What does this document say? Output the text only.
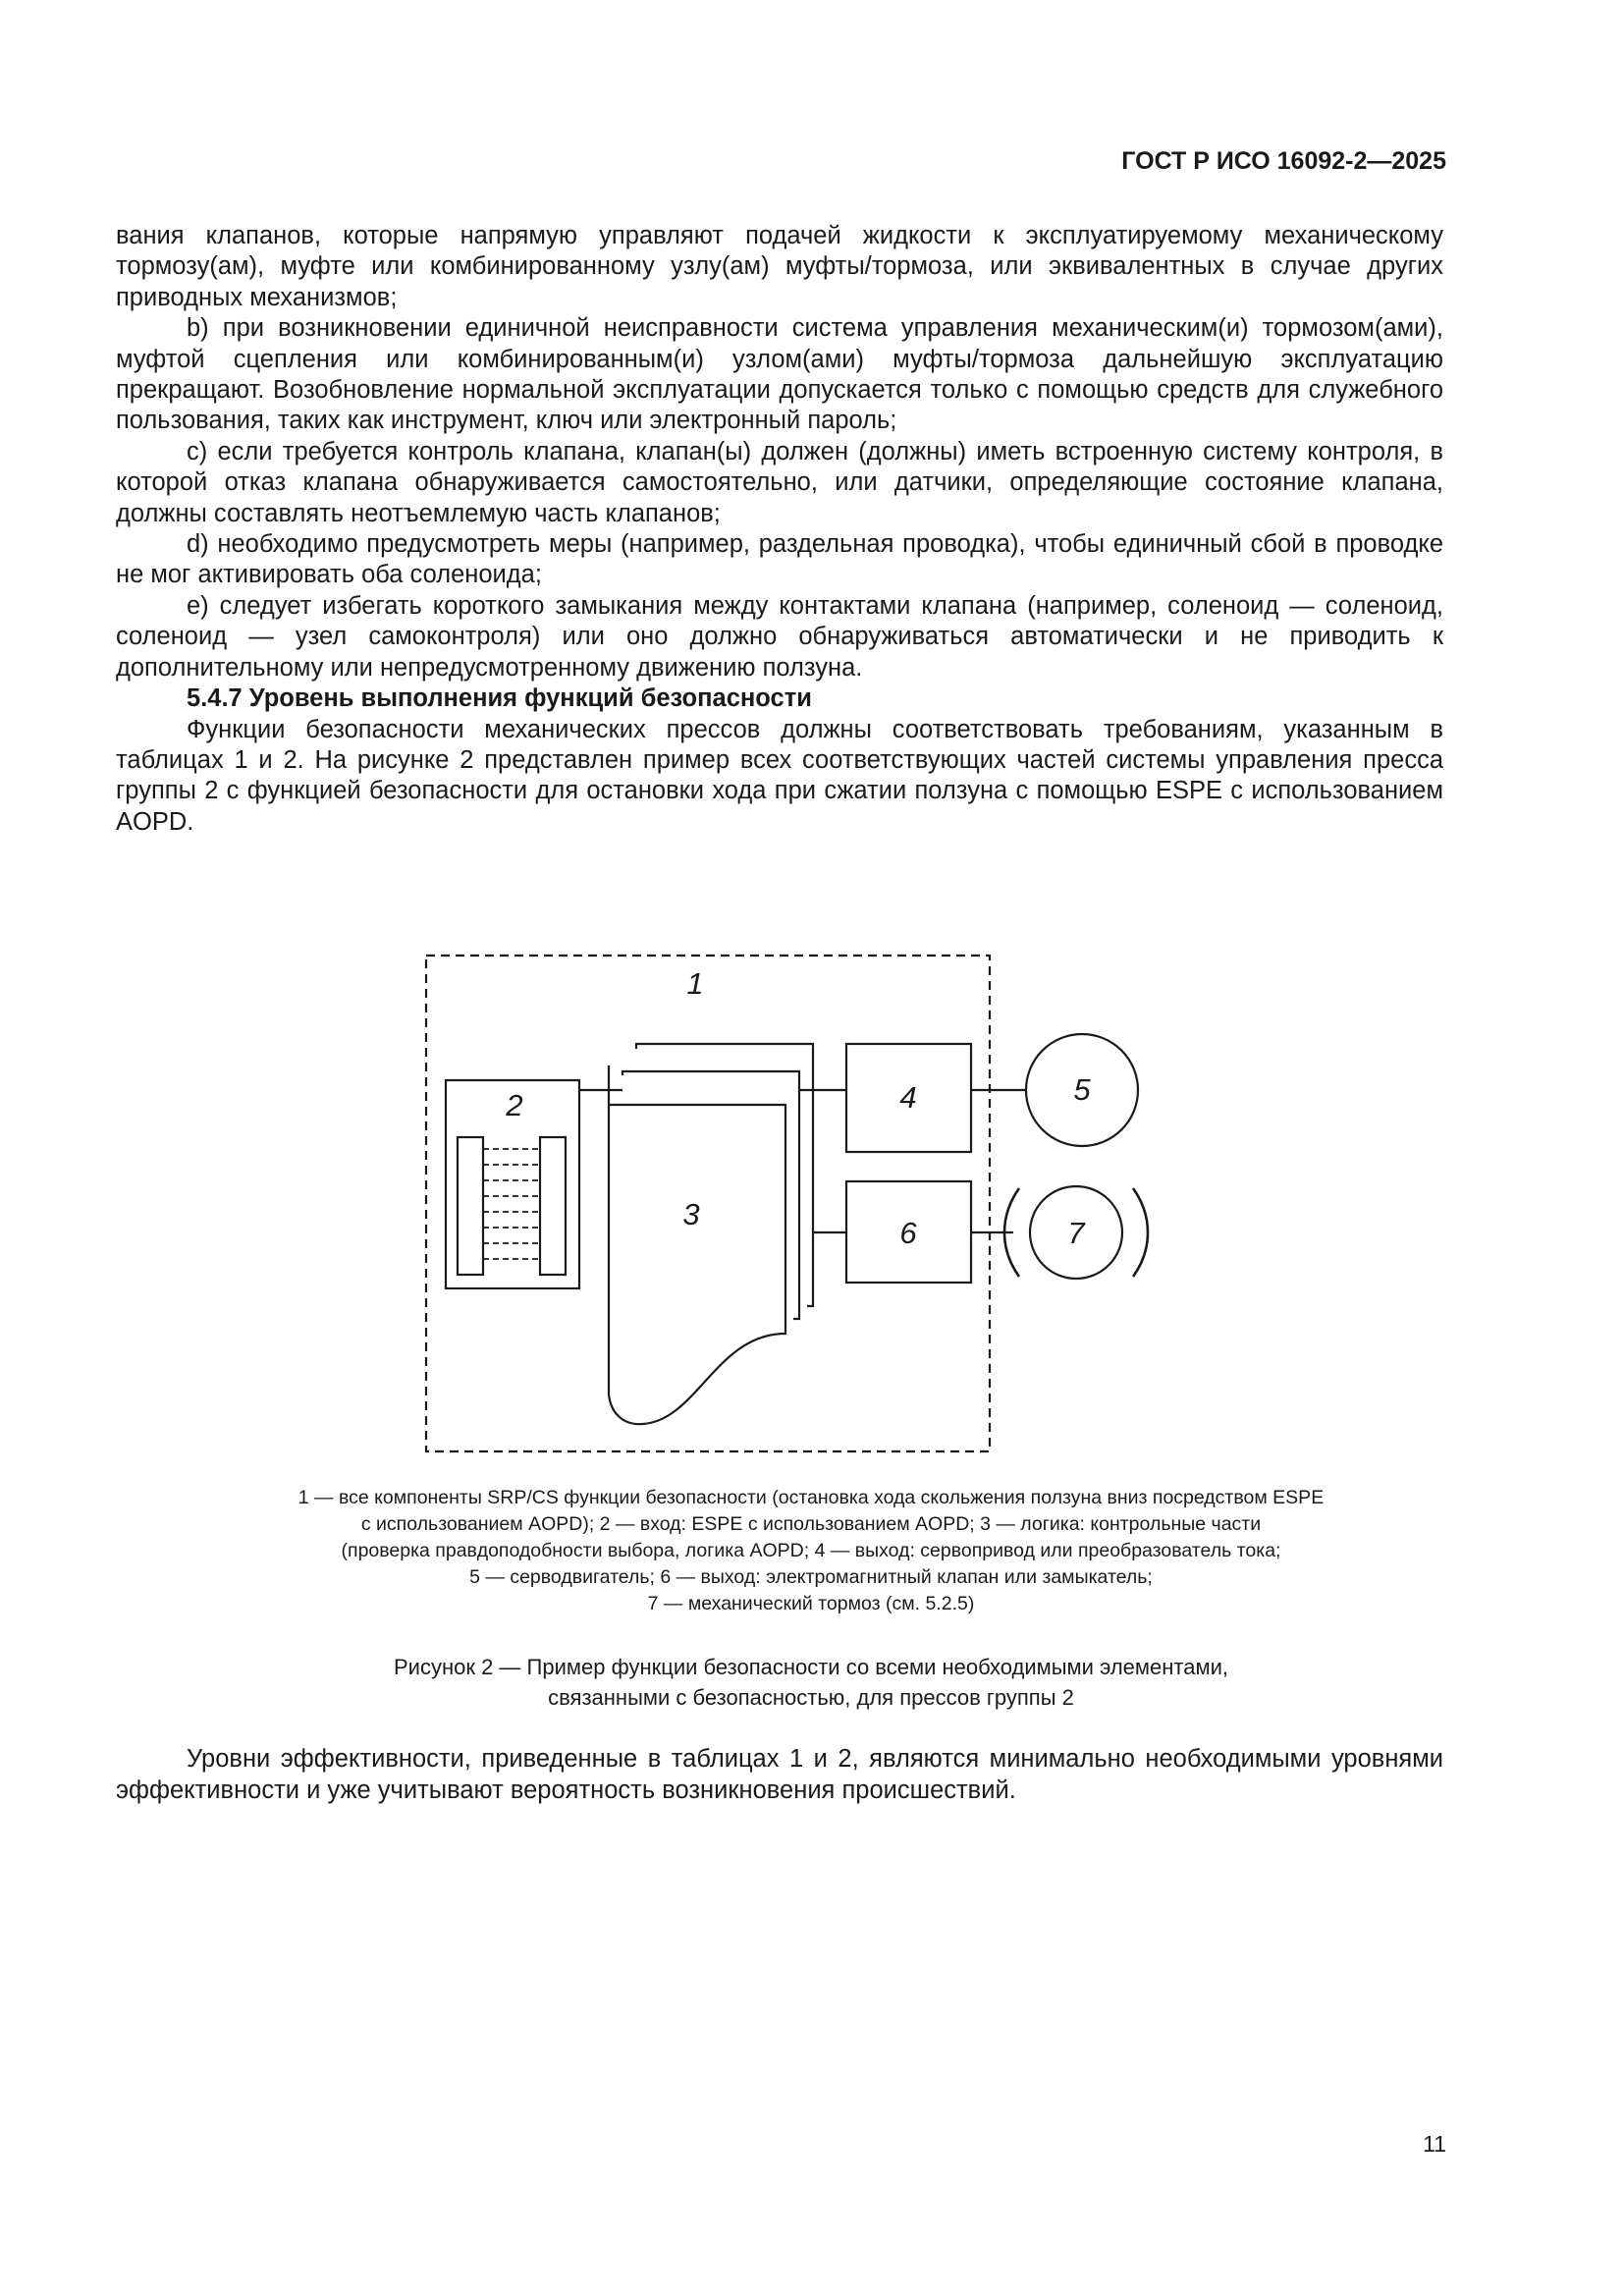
ГОСТ Р ИСО 16092-2—2025

вания клапанов, которые напрямую управляют подачей жидкости к эксплуатируемому механическому тормозу(ам), муфте или комбинированному узлу(ам) муфты/тормоза, или эквивалентных в случае других приводных механизмов;

b) при возникновении единичной неисправности система управления механическим(и) тормозом(ами), муфтой сцепления или комбинированным(и) узлом(ами) муфты/тормоза дальнейшую эксплуатацию прекращают. Возобновление нормальной эксплуатации допускается только с помощью средств для служебного пользования, таких как инструмент, ключ или электронный пароль;

c) если требуется контроль клапана, клапан(ы) должен (должны) иметь встроенную систему контроля, в которой отказ клапана обнаруживается самостоятельно, или датчики, определяющие состояние клапана, должны составлять неотъемлемую часть клапанов;

d) необходимо предусмотреть меры (например, раздельная проводка), чтобы единичный сбой в проводке не мог активировать оба соленоида;

e) следует избегать короткого замыкания между контактами клапана (например, соленоид — соленоид, соленоид — узел самоконтроля) или оно должно обнаруживаться автоматически и не приводить к дополнительному или непредусмотренному движению ползуна.

5.4.7 Уровень выполнения функций безопасности

Функции безопасности механических прессов должны соответствовать требованиям, указанным в таблицах 1 и 2. На рисунке 2 представлен пример всех соответствующих частей системы управления пресса группы 2 с функцией безопасности для остановки хода при сжатии ползуна с помощью ESPE с использованием AOPD.

1
2
3
4	5
6	7

1 — все компоненты SRP/CS функции безопасности (остановка хода скольжения ползуна вниз посредством ESPE

с использованием AOPD); 2 — вход: ESPE с использованием AOPD; 3 — логика: контрольные части

(проверка правдоподобности выбора, логика AOPD; 4 — выход: сервопривод или преобразователь тока;

5 — серводвигатель; 6 — выход: электромагнитный клапан или замыкатель;

7 — механический тормоз (см. 5.2.5)

Рисунок 2 — Пример функции безопасности со всеми необходимыми элементами,

связанными с безопасностью, для прессов группы 2

Уровни эффективности, приведенные в таблицах 1 и 2, являются минимально необходимыми уровнями эффективности и уже учитывают вероятность возникновения происшествий.

11
